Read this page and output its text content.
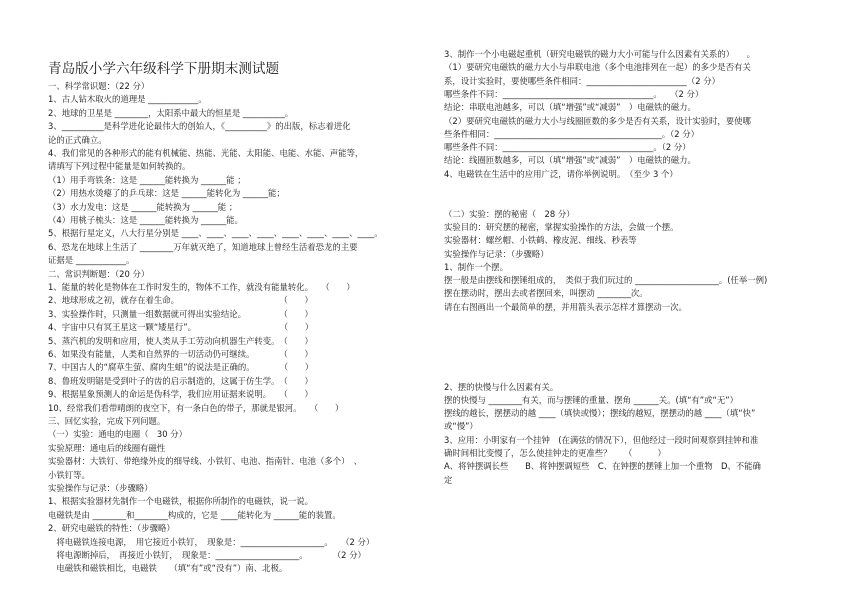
青岛版小学六年级科学下册期末测试题
一、科学常识题：（22 分）
1、古人钻木取火的道理是 ____________。
2、地球的卫星是 ________，太阳系中最大的恒星是 __________。
3、__________是科学进化论最伟大的创始人，《__________》的出版，标志着进化
论的正式确立。
4、我们常见的各种形式的能有机械能、热能、光能、太阳能、电能、水能、声能等，
请填写下列过程中能量是如何转换的。
（1）用手弯铁条：这是 ______能转换为 ______能 ；
（2）用热水烫瘪了的乒乓球：这是 ______能转化为 ______能；
（3）水力发电：这是 ______能转换为 ______能 ；
（4）用桃子梳头：这是 ______能转换为 ______能。
5、根据行星定义，八大行星分别是 ____、____、____、____、____、____、____、____。
6、恐龙在地球上生活了 ________万年就灭绝了，知道地球上曾经生活着恐龙的主要
证据是 ____________。
二、常识判断题：（20 分）
1、能量的转化是物体在工作时发生的，物体不工作，就没有能量转化。　　（　　）
2、地球形成之初，就存在着生命。　　　　　　　　　　　　　（　　）
3、实验操作时，只测量一组数据就可得出实验结论。　　　　　（　　）
4、宇宙中只有冥王星这一颗“矮星行”。　　　　　　　　　　　（　　）
5、蒸汽机的发明和应用，使人类从手工劳动向机器生产转变。　（　　）
6、如果没有能量，人类和自然界的一切活动仍可继续。　　　　（　　）
7、中国古人的“腐草生萤、腐肉生蛆”的说法是正确的。　　　　（　　）
8、鲁班发明锯是受到叶子的齿的启示制造的，这属于仿生学。　（　　）
9、根据星象预测人的命运是伪科学，我们应用证据来说明。　　（　　）
10、经常我们看带晴朗的夜空下，有一条白色的带子，那就是银河。　　（　　）
三、回忆实验，完成下列问题。
（一）实验：通电的电圈（　30 分）
实验原理：通电后的线圈有磁性
实验器材：大铁钉、带绝缘外皮的细导线、小铁钉、电池、指南针、电池（多个）　、
小铁钉等。
实验操作与记录：（步骤略）
1、根据实验器材先制作一个电磁铁，根据你所制作的电磁铁，说一说。
电磁铁是由 ________和________构成的，它是 ____能转化为 ______能的装置。
2、研究电磁铁的特性：（步骤略）
　将电磁铁连接电源，　用它接近小铁钉，　现象是：____________________。　　（2 分）
　将电源断掉后，　再接近小铁钉，　现象是：____________________。　　　　（2 分）
　电磁铁和磁铁相比，电磁铁　　（填“有”或“没有”）南、北极。
3、制作一个小电磁起重机（研究电磁铁的磁力大小可能与什么因素有关系的）　　。
（1）要研究电磁铁的磁力大小与串联电池（多个电池排列在一起）的多少是否有关
系，设计实验时，要使哪些条件相同：________________________（2 分）
哪些条件不同：____________________________________。　　（2 分）
结论：串联电池越多，可以（填“增强”或“减弱”　）电磁铁的磁力。
（2）要研究电磁铁的磁力大小与线圈匝数的多少是否有关系，设计实验时，要使哪
些条件相同：________________________________________。（2 分）
哪些条件不同：____________________________________。（2 分）
结论：线圈匝数越多，可以（填“增强”或“减弱”　）电磁铁的磁力。
4、电磁铁在生活中的应用广泛，请你举例说明。　（至少 3 个）
（二）实验：摆的秘密（　28 分）
实验目的：研究摆的秘密，掌握实验操作的方法，会做一个摆。
实验器材：螺丝帽、小铁鹤、橡皮泥、细线、秒表等
实验操作与记录：（步骤略）
1、制作一个摆。
摆一般是由摆线和摆锤组成的，　类似于我们玩过的 ____________________。(任举一例)
摆在摆动时，摆出去或者摆回来，叫摆动 ________次。
请在右图画出一个最简单的摆，并用箭头表示怎样才算摆动一次。
2、摆的快慢与什么因素有关。
摆的快慢与 ________有关，而与摆锤的重量、摆角 ______关。(填“有”或“无”）
摆线的越长，摆摆动的越 ____（填快或慢）；摆线的越短，摆摆动的越 ____（填“快”
或“慢”）
3、应用：小明家有一个挂钟　(在满弦的情况下），但他经过一段时间观察到挂钟和准
确时间相比变慢了，怎么使挂钟走的更准些？　　（　　　）
A、将钟摆调长些　　B、将钟摆调短些　C、在钟摆的摆锤上加一个重物　D、不能确
定
